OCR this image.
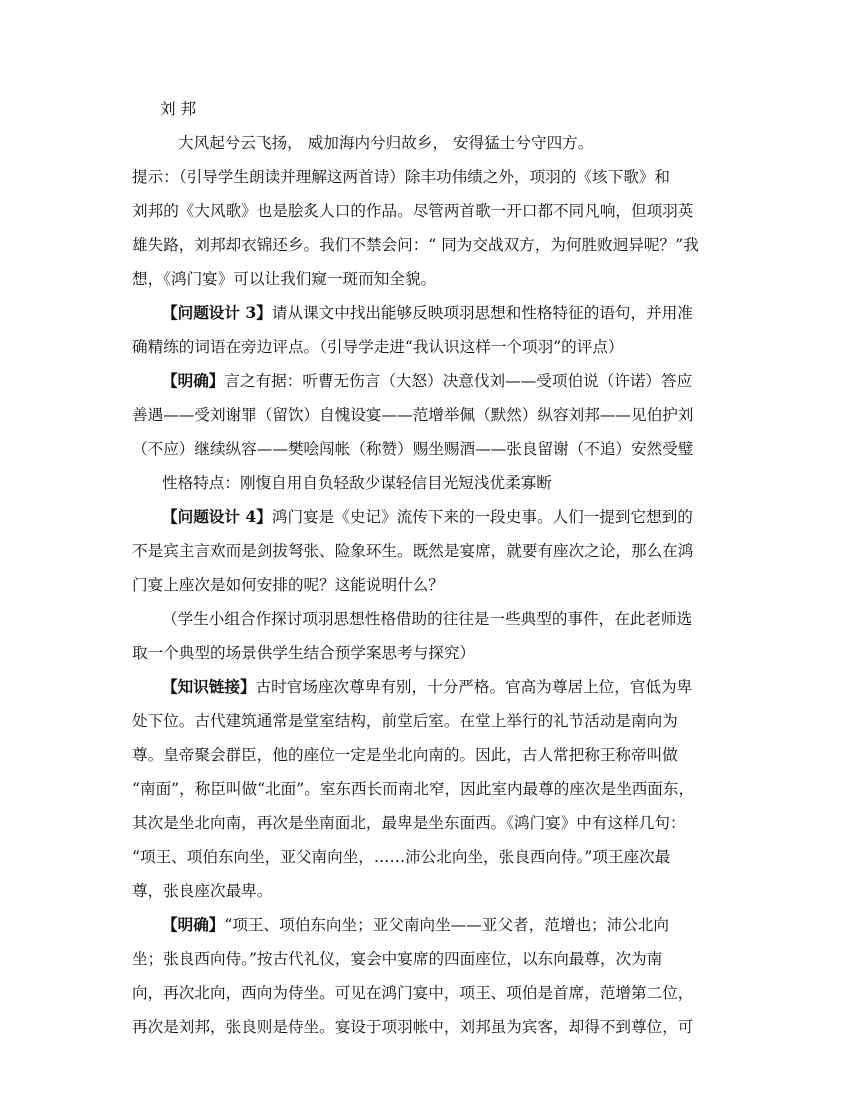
刘 邦
大风起兮云飞扬， 威加海内兮归故乡， 安得猛士兮守四方。
提示：（引导学生朗读并理解这两首诗）除丰功伟绩之外，项羽的《垓下歌》和
刘邦的《大风歌》也是脍炙人口的作品。尽管两首歌一开口都不同凡响，但项羽英
雄失路，刘邦却衣锦还乡。我们不禁会问：“ 同为交战双方，为何胜败迥异呢？”我
想，《鸿门宴》可以让我们窥一斑而知全貌。
【问题设计 3】请从课文中找出能够反映项羽思想和性格特征的语句，并用准
确精练的词语在旁边评点。（引导学走进“我认识这样一个项羽”的评点）
【明确】言之有据：听曹无伤言（大怒）决意伐刘——受项伯说（许诺）答应
善遇——受刘谢罪（留饮）自愧设宴——范增举佩（默然）纵容刘邦——见伯护刘
（不应）继续纵容——樊哙闯帐（称赞）赐坐赐酒——张良留谢（不追）安然受璧
性格特点：刚愎自用自负轻敌少谋轻信目光短浅优柔寡断
【问题设计 4】鸿门宴是《史记》流传下来的一段史事。人们一提到它想到的
不是宾主言欢而是剑拔弩张、险象环生。既然是宴席，就要有座次之论，那么在鸿
门宴上座次是如何安排的呢？这能说明什么？
（学生小组合作探讨项羽思想性格借助的往往是一些典型的事件，在此老师选
取一个典型的场景供学生结合预学案思考与探究）
【知识链接】古时官场座次尊卑有别，十分严格。官高为尊居上位，官低为卑
处下位。古代建筑通常是堂室结构，前堂后室。在堂上举行的礼节活动是南向为
尊。皇帝聚会群臣，他的座位一定是坐北向南的。因此，古人常把称王称帝叫做
“南面”，称臣叫做“北面”。室东西长而南北窄，因此室内最尊的座次是坐西面东，
其次是坐北向南，再次是坐南面北，最卑是坐东面西。《鸿门宴》中有这样几句：
“项王、项伯东向坐，亚父南向坐，……沛公北向坐，张良西向侍。”项王座次最
尊，张良座次最卑。
【明确】“项王、项伯东向坐；亚父南向坐——亚父者，范增也；沛公北向
坐；张良西向侍。”按古代礼仪，宴会中宴席的四面座位，以东向最尊，次为南
向，再次北向，西向为侍坐。可见在鸿门宴中，项王、项伯是首席，范增第二位，
再次是刘邦，张良则是侍坐。宴设于项羽帐中，刘邦虽为宾客，却得不到尊位，可
